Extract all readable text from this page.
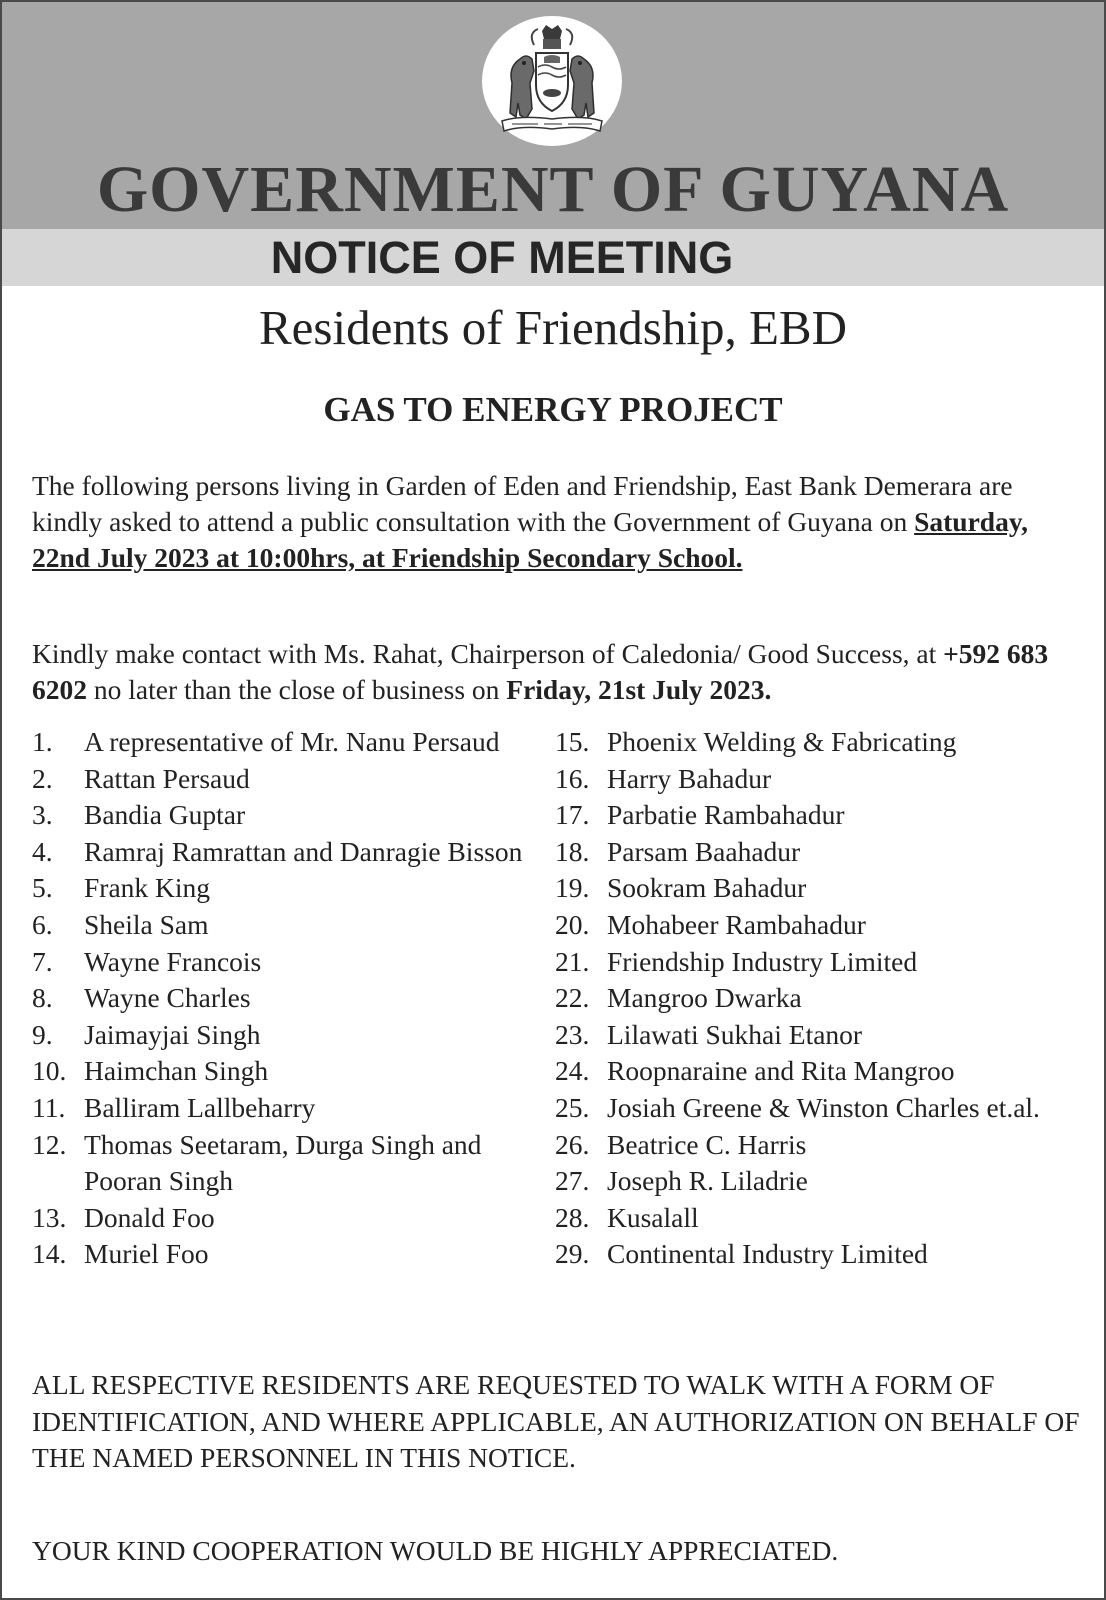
GOVERNMENT OF GUYANA
NOTICE OF MEETING
Residents of Friendship, EBD
GAS TO ENERGY PROJECT
The following persons living in Garden of Eden and Friendship, East Bank Demerara are kindly asked to attend a public consultation with the Government of Guyana on Saturday, 22nd July 2023 at 10:00hrs, at Friendship Secondary School.
Kindly make contact with Ms. Rahat, Chairperson of Caledonia/ Good Success, at +592 683 6202 no later than the close of business on Friday, 21st July 2023.
1. A representative of Mr. Nanu Persaud
2. Rattan Persaud
3. Bandia Guptar
4. Ramraj Ramrattan and Danragie Bisson
5. Frank King
6. Sheila Sam
7. Wayne Francois
8. Wayne Charles
9. Jaimayjai Singh
10. Haimchan Singh
11. Balliram Lallbeharry
12. Thomas Seetaram, Durga Singh and Pooran Singh
13. Donald Foo
14. Muriel Foo
15. Phoenix Welding & Fabricating
16. Harry Bahadur
17. Parbatie Rambahadur
18. Parsam Baahadur
19. Sookram Bahadur
20. Mohabeer Rambahadur
21. Friendship Industry Limited
22. Mangroo Dwarka
23. Lilawati Sukhai Etanor
24. Roopnaraine and Rita Mangroo
25. Josiah Greene & Winston Charles et.al.
26. Beatrice C. Harris
27. Joseph R. Liladrie
28. Kusalall
29. Continental Industry Limited
ALL RESPECTIVE RESIDENTS ARE REQUESTED TO WALK WITH A FORM OF IDENTIFICATION, AND WHERE APPLICABLE, AN AUTHORIZATION ON BEHALF OF THE NAMED PERSONNEL IN THIS NOTICE.
YOUR KIND COOPERATION WOULD BE HIGHLY APPRECIATED.
